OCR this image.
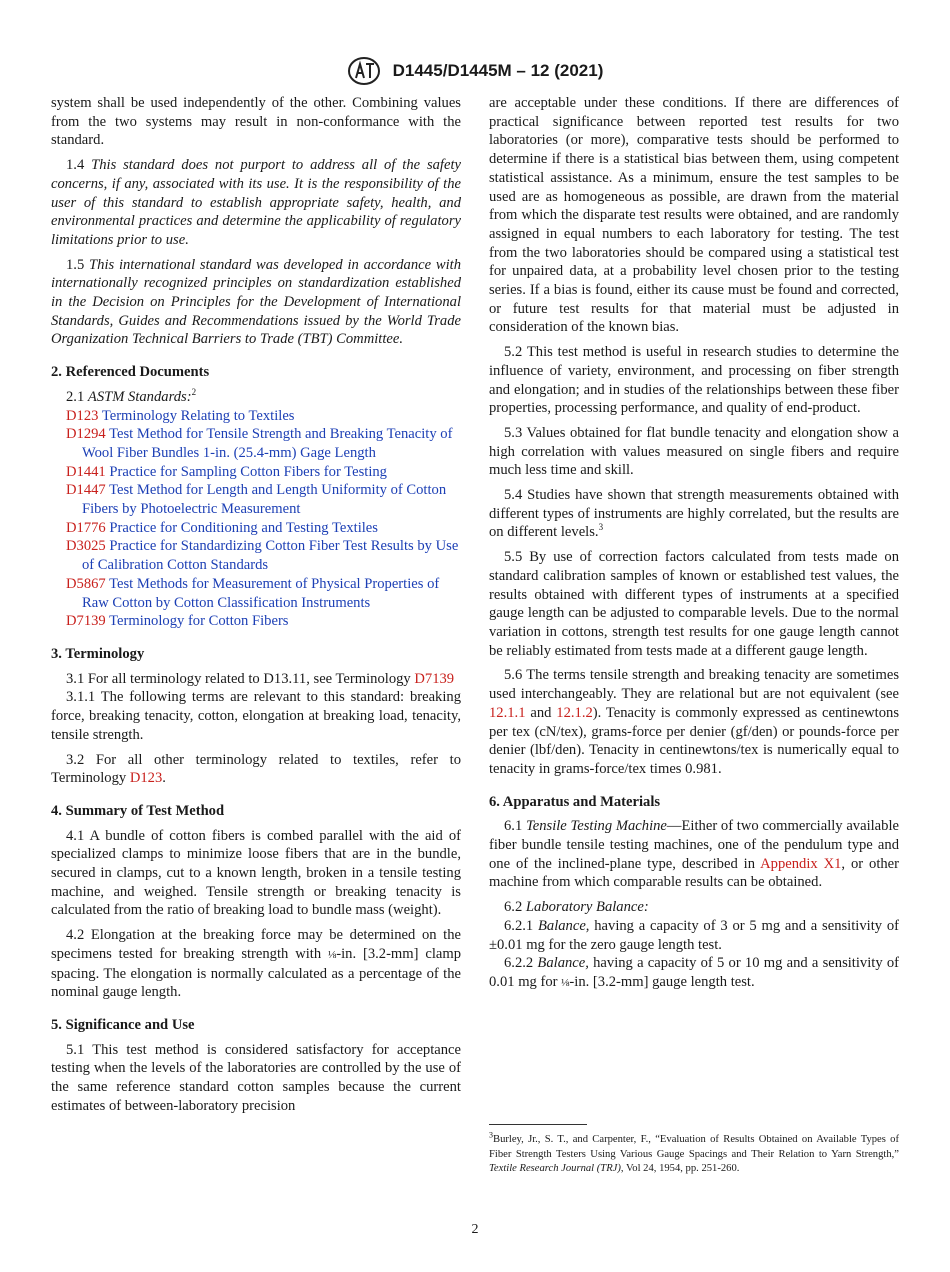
D1445/D1445M – 12 (2021)

system shall be used independently of the other. Combining values from the two systems may result in non-conformance with the standard.

1.4 This standard does not purport to address all of the safety concerns, if any, associated with its use. It is the responsibility of the user of this standard to establish appropriate safety, health, and environmental practices and determine the applicability of regulatory limitations prior to use.

1.5 This international standard was developed in accordance with internationally recognized principles on standardization established in the Decision on Principles for the Development of International Standards, Guides and Recommendations issued by the World Trade Organization Technical Barriers to Trade (TBT) Committee.

2. Referenced Documents

2.1 ASTM Standards:$^2$

D123 Terminology Relating to Textiles

D1294 Test Method for Tensile Strength and Breaking Tenacity of Wool Fiber Bundles 1-in. (25.4-mm) Gage Length

D1441 Practice for Sampling Cotton Fibers for Testing

D1447 Test Method for Length and Length Uniformity of Cotton Fibers by Photoelectric Measurement

D1776 Practice for Conditioning and Testing Textiles

D3025 Practice for Standardizing Cotton Fiber Test Results by Use of Calibration Cotton Standards

D5867 Test Methods for Measurement of Physical Properties of Raw Cotton by Cotton Classification Instruments

D7139 Terminology for Cotton Fibers

3. Terminology

3.1 For all terminology related to D13.11, see Terminology D7139

3.1.1 The following terms are relevant to this standard: breaking force, breaking tenacity, cotton, elongation at breaking load, tenacity, tensile strength.

3.2 For all other terminology related to textiles, refer to Terminology D123.

4. Summary of Test Method

4.1 A bundle of cotton fibers is combed parallel with the aid of specialized clamps to minimize loose fibers that are in the bundle, secured in clamps, cut to a known length, broken in a tensile testing machine, and weighed. Tensile strength or breaking tenacity is calculated from the ratio of breaking load to bundle mass (weight).

4.2 Elongation at the breaking force may be determined on the specimens tested for breaking strength with ⅛-in. [3.2-mm] clamp spacing. The elongation is normally calculated as a percentage of the nominal gauge length.

5. Significance and Use

5.1 This test method is considered satisfactory for acceptance testing when the levels of the laboratories are controlled by the use of the same reference standard cotton samples because the current estimates of between-laboratory precision

are acceptable under these conditions. If there are differences of practical significance between reported test results for two laboratories (or more), comparative tests should be performed to determine if there is a statistical bias between them, using competent statistical assistance. As a minimum, ensure the test samples to be used are as homogeneous as possible, are drawn from the material from which the disparate test results were obtained, and are randomly assigned in equal numbers to each laboratory for testing. The test from the two laboratories should be compared using a statistical test for unpaired data, at a probability level chosen prior to the testing series. If a bias is found, either its cause must be found and corrected, or future test results for that material must be adjusted in consideration of the known bias.

5.2 This test method is useful in research studies to determine the influence of variety, environment, and processing on fiber strength and elongation; and in studies of the relationships between these fiber properties, processing performance, and quality of end-product.

5.3 Values obtained for flat bundle tenacity and elongation show a high correlation with values measured on single fibers and require much less time and skill.

5.4 Studies have shown that strength measurements obtained with different types of instruments are highly correlated, but the results are on different levels.$^3$

5.5 By use of correction factors calculated from tests made on standard calibration samples of known or established test values, the results obtained with different types of instruments at a specified gauge length can be adjusted to comparable levels. Due to the normal variation in cottons, strength test results for one gauge length cannot be reliably estimated from tests made at a different gauge length.

5.6 The terms tensile strength and breaking tenacity are sometimes used interchangeably. They are relational but are not equivalent (see 12.1.1 and 12.1.2). Tenacity is commonly expressed as centinewtons per tex (cN/tex), grams-force per denier (gf/den) or pounds-force per denier (lbf/den). Tenacity in centinewtons/tex is numerically equal to tenacity in grams-force/tex times 0.981.

6. Apparatus and Materials

6.1 Tensile Testing Machine—Either of two commercially available fiber bundle tensile testing machines, one of the pendulum type and one of the inclined-plane type, described in Appendix X1, or other machine from which comparable results can be obtained.

6.2 Laboratory Balance:

6.2.1 Balance, having a capacity of 3 or 5 mg and a sensitivity of ±0.01 mg for the zero gauge length test.

6.2.2 Balance, having a capacity of 5 or 10 mg and a sensitivity of 0.01 mg for ⅛-in. [3.2-mm] gauge length test.

$^3$Burley, Jr., S. T., and Carpenter, F., “Evaluation of Results Obtained on Available Types of Fiber Strength Testers Using Various Gauge Spacings and Their Relation to Yarn Strength,” Textile Research Journal (TRJ), Vol 24, 1954, pp. 251-260.
2
